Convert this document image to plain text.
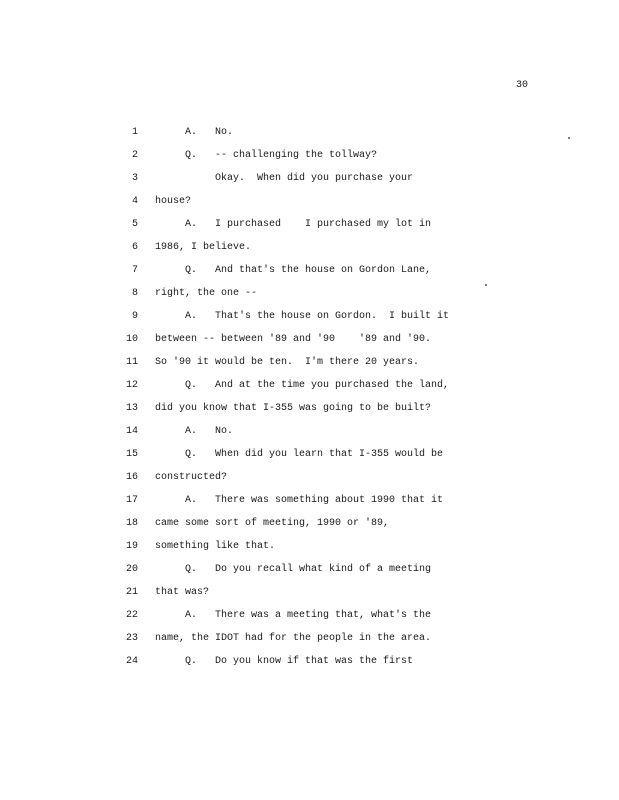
30
1 A.   No.
2 Q.   -- challenging the tollway?
3 Okay.  When did you purchase your
4 house?
5 A.   I purchased    I purchased my lot in
6 1986, I believe.
7 Q.   And that's the house on Gordon Lane,
8 right, the one --
9 A.   That's the house on Gordon.  I built it
10 between -- between '89 and '90    '89 and '90.
11 So '90 it would be ten.  I'm there 20 years.
12 Q.   And at the time you purchased the land,
13 did you know that I-355 was going to be built?
14 A.   No.
15 Q.   When did you learn that I-355 would be
16 constructed?
17 A.   There was something about 1990 that it
18 came some sort of meeting, 1990 or '89,
19 something like that.
20 Q.   Do you recall what kind of a meeting
21 that was?
22 A.   There was a meeting that, what's the
23 name, the IDOT had for the people in the area.
24 Q.   Do you know if that was the first
